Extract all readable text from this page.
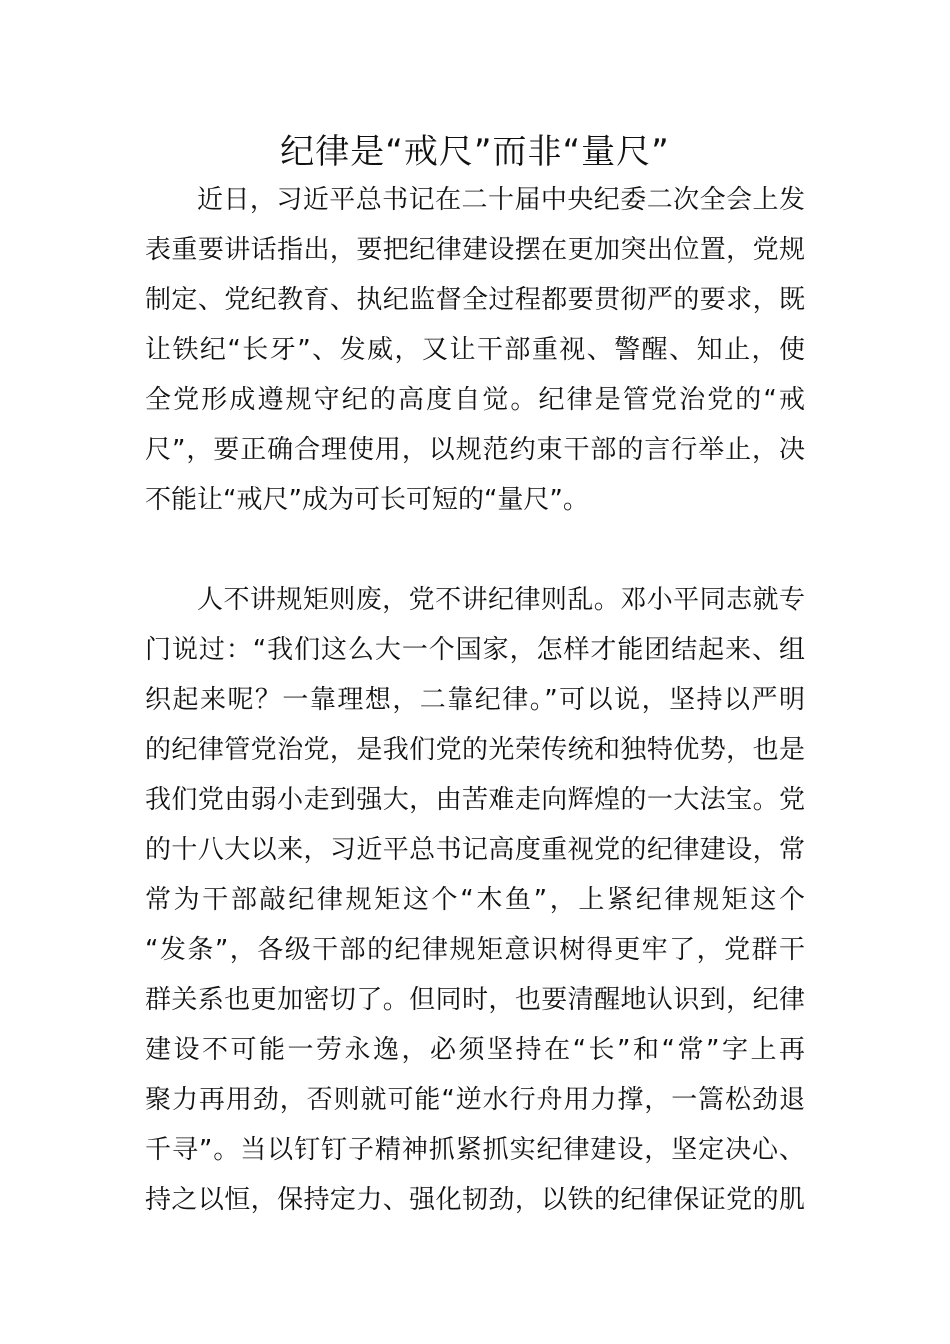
纪律是“戒尺”而非“量尺”
近日，习近平总书记在二十届中央纪委二次全会上发
表重要讲话指出，要把纪律建设摆在更加突出位置，党规
制定、党纪教育、执纪监督全过程都要贯彻严的要求，既
让铁纪“长牙”、发威，又让干部重视、警醒、知止，使
全党形成遵规守纪的高度自觉。纪律是管党治党的“戒
尺”，要正确合理使用，以规范约束干部的言行举止，决
不能让“戒尺”成为可长可短的“量尺”。
人不讲规矩则废，党不讲纪律则乱。邓小平同志就专
门说过：“我们这么大一个国家，怎样才能团结起来、组
织起来呢？一靠理想，二靠纪律。”可以说，坚持以严明
的纪律管党治党，是我们党的光荣传统和独特优势，也是
我们党由弱小走到强大，由苦难走向辉煌的一大法宝。党
的十八大以来，习近平总书记高度重视党的纪律建设，常
常为干部敲纪律规矩这个“木鱼”，上紧纪律规矩这个
“发条”，各级干部的纪律规矩意识树得更牢了，党群干
群关系也更加密切了。但同时，也要清醒地认识到，纪律
建设不可能一劳永逸，必须坚持在“长”和“常”字上再
聚力再用劲，否则就可能“逆水行舟用力撑，一篙松劲退
千寻”。当以钉钉子精神抓紧抓实纪律建设，坚定决心、
持之以恒，保持定力、强化韧劲，以铁的纪律保证党的肌
